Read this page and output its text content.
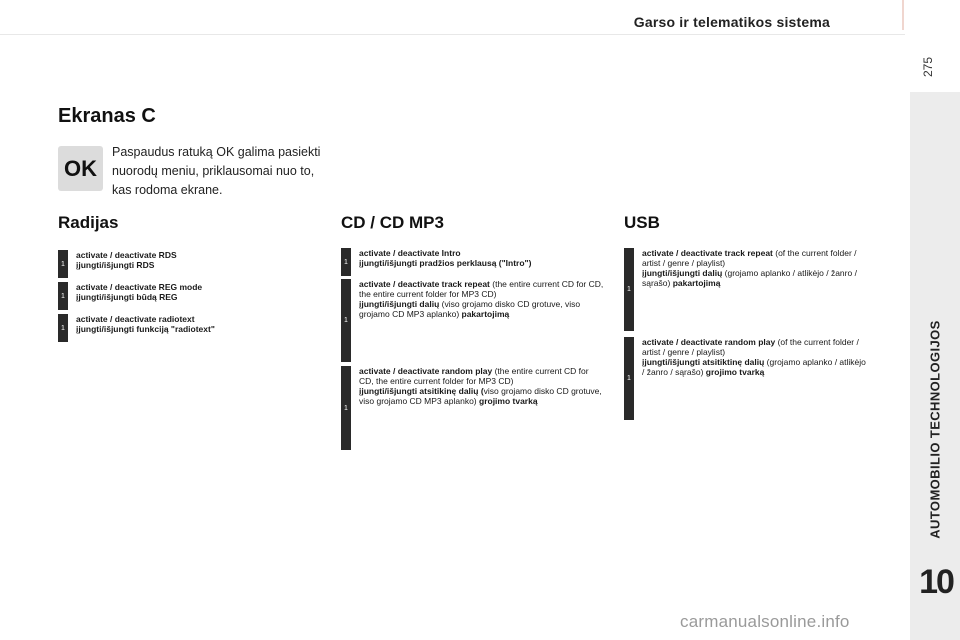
Garso ir telematikos sistema
275
AUTOMOBILIO TECHNOLOGIJOS
10
Ekranas C
OK
Paspaudus ratuką OK galima pasiekti nuorodų meniu, priklausomai nuo to, kas rodoma ekrane.
Radijas
1
activate / deactivate RDS
įjungti/išjungti RDS
1
activate / deactivate REG mode
įjungti/išjungti būdą REG
1
activate / deactivate radiotext
įjungti/išjungti funkciją "radiotext"
CD / CD MP3
1
activate / deactivate Intro
įjungti/išjungti pradžios perklausą ("Intro")
1
activate / deactivate track repeat (the entire current CD for CD, the entire current folder for MP3 CD)
įjungti/išjungti dalių (viso grojamo disko CD grotuve, viso grojamo CD MP3 aplanko) pakartojimą
1
activate / deactivate random play (the entire current CD for CD, the entire current folder for MP3 CD)
įjungti/išjungti atsitikinę dalių (viso grojamo disko CD grotuve, viso grojamo CD MP3 aplanko) grojimo tvarką
USB
1
activate / deactivate track repeat (of the current folder / artist / genre / playlist)
įjungti/išjungti dalių (grojamo aplanko / atlikėjo / žanro / sąrašo) pakartojimą
1
activate / deactivate random play (of the current folder / artist / genre / playlist)
įjungti/išjungti atsitiktinę dalių (grojamo aplanko / atlikėjo / žanro / sąrašo) grojimo tvarką
carmanualsonline.info
